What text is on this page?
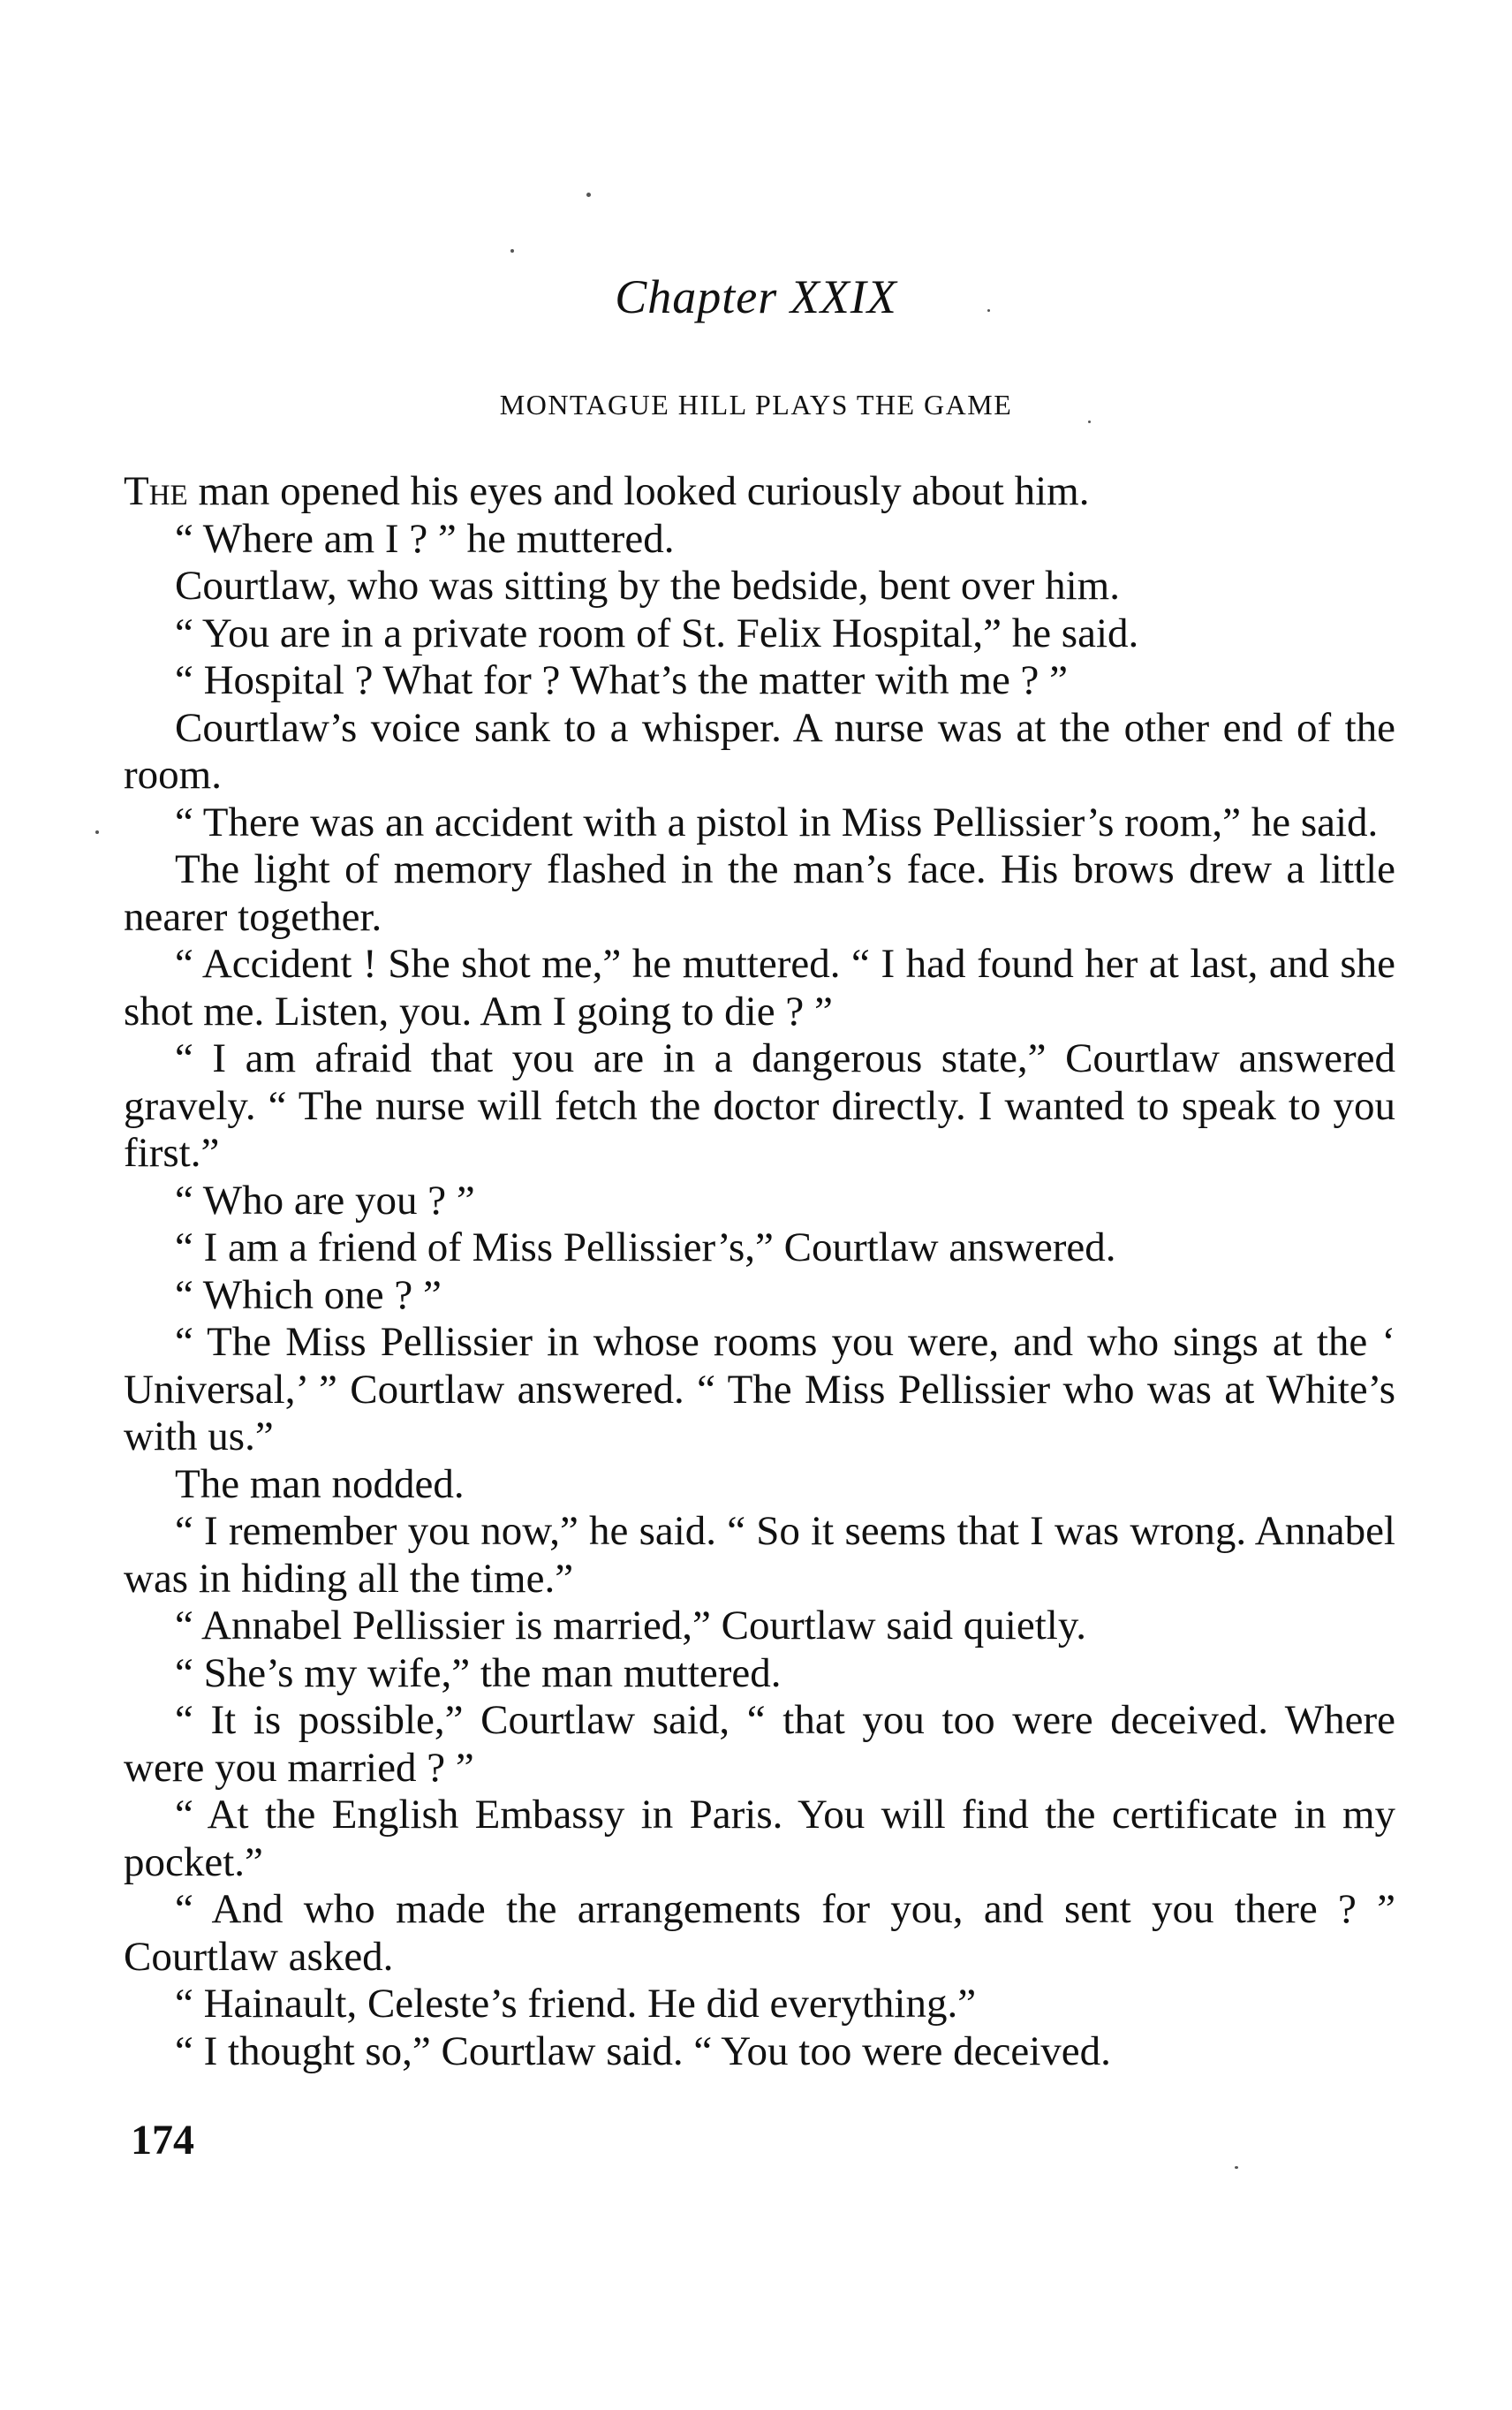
Chapter XXIX
MONTAGUE HILL PLAYS THE GAME

The man opened his eyes and looked curiously about him.

“ Where am I ? ” he muttered.

Courtlaw, who was sitting by the bedside, bent over him.

“ You are in a private room of St. Felix Hospital,” he said.

“ Hospital ? What for ? What’s the matter with me ? ”

Courtlaw’s voice sank to a whisper. A nurse was at the other end of the room.

“ There was an accident with a pistol in Miss Pellissier’s room,” he said.

The light of memory flashed in the man’s face. His brows drew a little nearer together.

“ Accident ! She shot me,” he muttered. “ I had found her at last, and she shot me. Listen, you. Am I going to die ? ”

“ I am afraid that you are in a dangerous state,” Courtlaw answered gravely. “ The nurse will fetch the doctor directly. I wanted to speak to you first.”

“ Who are you ? ”

“ I am a friend of Miss Pellissier’s,” Courtlaw answered.

“ Which one ? ”

“ The Miss Pellissier in whose rooms you were, and who sings at the ‘ Universal,’ ” Courtlaw answered. “ The Miss Pellissier who was at White’s with us.”

The man nodded.

“ I remember you now,” he said. “ So it seems that I was wrong. Annabel was in hiding all the time.”

“ Annabel Pellissier is married,” Courtlaw said quietly.

“ She’s my wife,” the man muttered.

“ It is possible,” Courtlaw said, “ that you too were deceived. Where were you married ? ”

“ At the English Embassy in Paris. You will find the certificate in my pocket.”

“ And who made the arrangements for you, and sent you there ? ” Courtlaw asked.

“ Hainault, Celeste’s friend. He did everything.”

“ I thought so,” Courtlaw said. “ You too were deceived.

174
